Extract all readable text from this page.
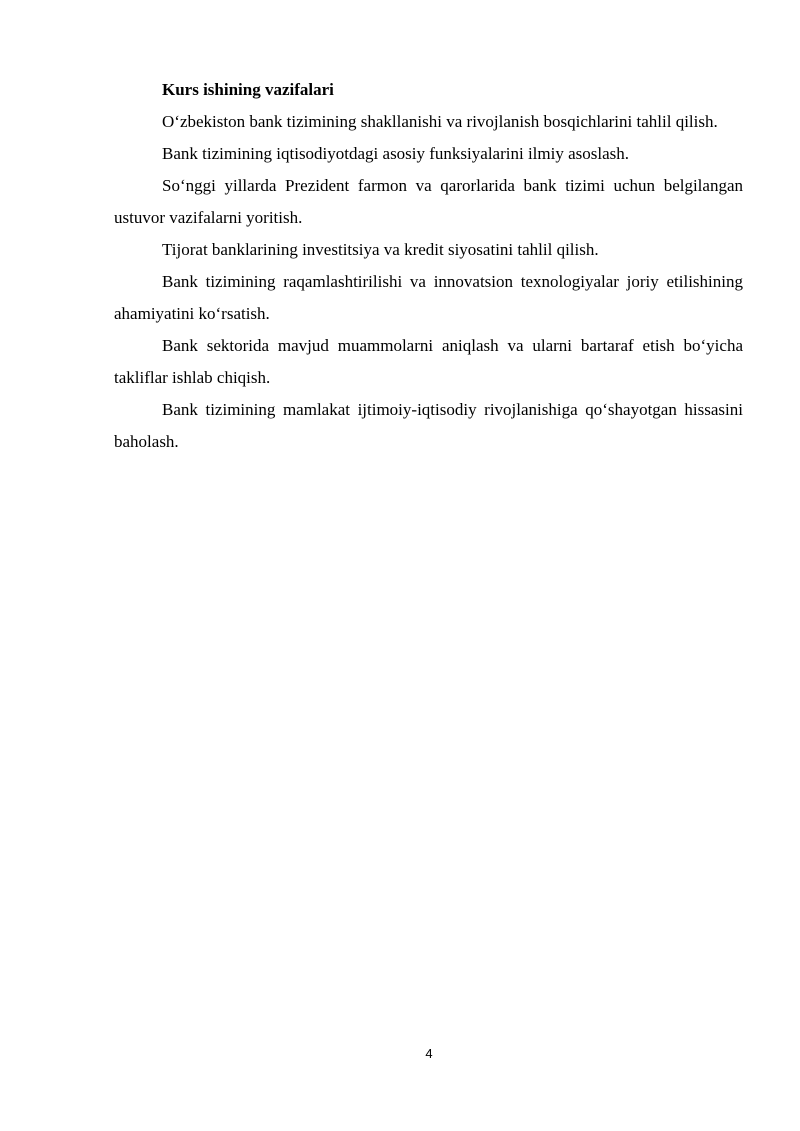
Kurs ishining vazifalari

O‘zbekiston bank tizimining shakllanishi va rivojlanish bosqichlarini tahlil qilish.

Bank tizimining iqtisodiyotdagi asosiy funksiyalarini ilmiy asoslash.

So‘nggi yillarda Prezident farmon va qarorlarida bank tizimi uchun belgilangan ustuvor vazifalarni yoritish.

Tijorat banklarining investitsiya va kredit siyosatini tahlil qilish.

Bank tizimining raqamlashtirilishi va innovatsion texnologiyalar joriy etilishining ahamiyatini ko‘rsatish.

Bank sektorida mavjud muammolarni aniqlash va ularni bartaraf etish bo‘yicha takliflar ishlab chiqish.

Bank tizimining mamlakat ijtimoiy-iqtisodiy rivojlanishiga qo‘shayotgan hissasini baholash.

4
